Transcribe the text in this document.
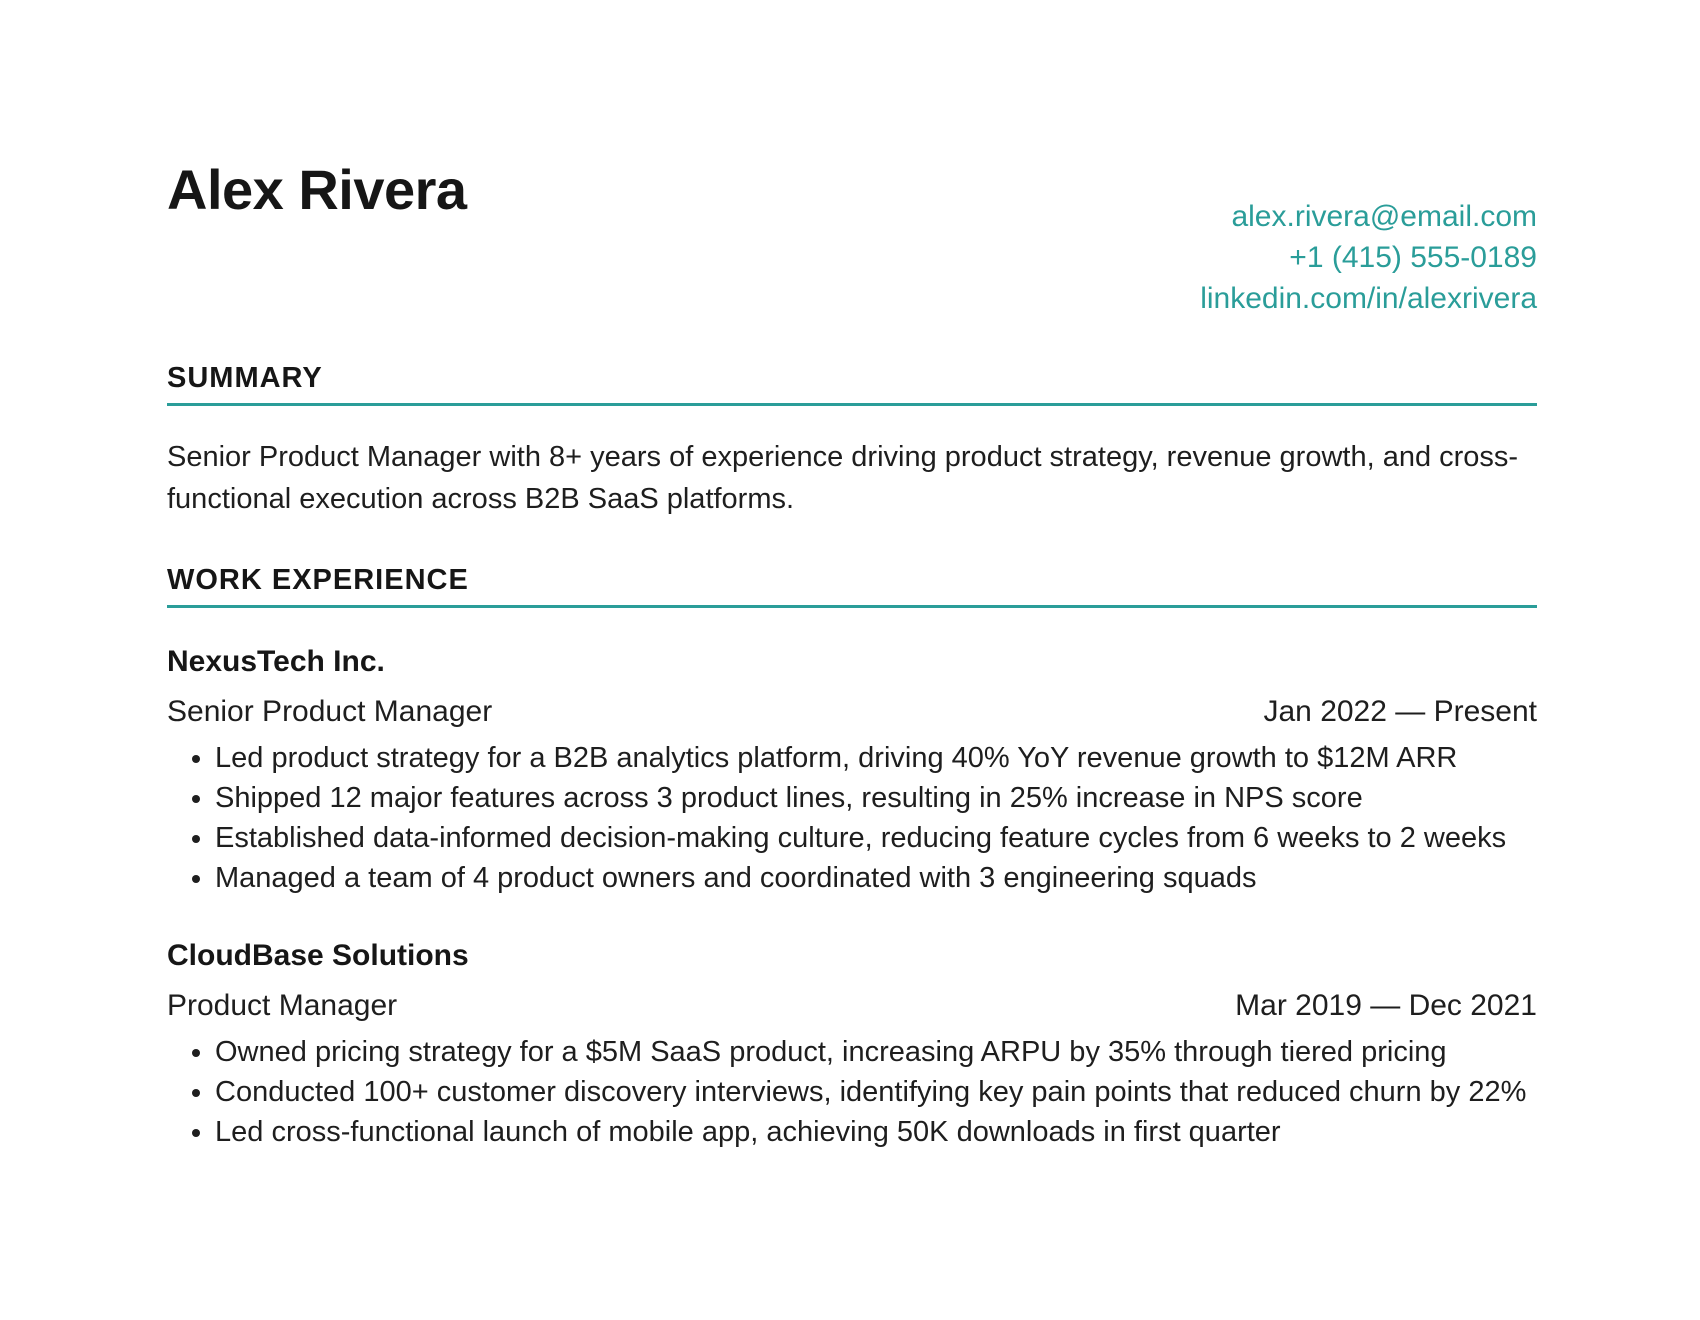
Alex Rivera	alex.rivera@email.com
+1 (415) 555-0189
linkedin.com/in/alexrivera
SUMMARY

Senior Product Manager with 8+ years of experience driving product strategy, revenue growth, and cross-functional execution across B2B SaaS platforms.

WORK EXPERIENCE
NexusTech Inc.
Senior Product Manager	Jan 2022 — Present
• Led product strategy for a B2B analytics platform, driving 40% YoY revenue growth to $12M ARR
• Shipped 12 major features across 3 product lines, resulting in 25% increase in NPS score
• Established data-informed decision-making culture, reducing feature cycles from 6 weeks to 2 weeks
• Managed a team of 4 product owners and coordinated with 3 engineering squads
CloudBase Solutions
Product Manager	Mar 2019 — Dec 2021
• Owned pricing strategy for a $5M SaaS product, increasing ARPU by 35% through tiered pricing
• Conducted 100+ customer discovery interviews, identifying key pain points that reduced churn by 22%
• Led cross-functional launch of mobile app, achieving 50K downloads in first quarter
